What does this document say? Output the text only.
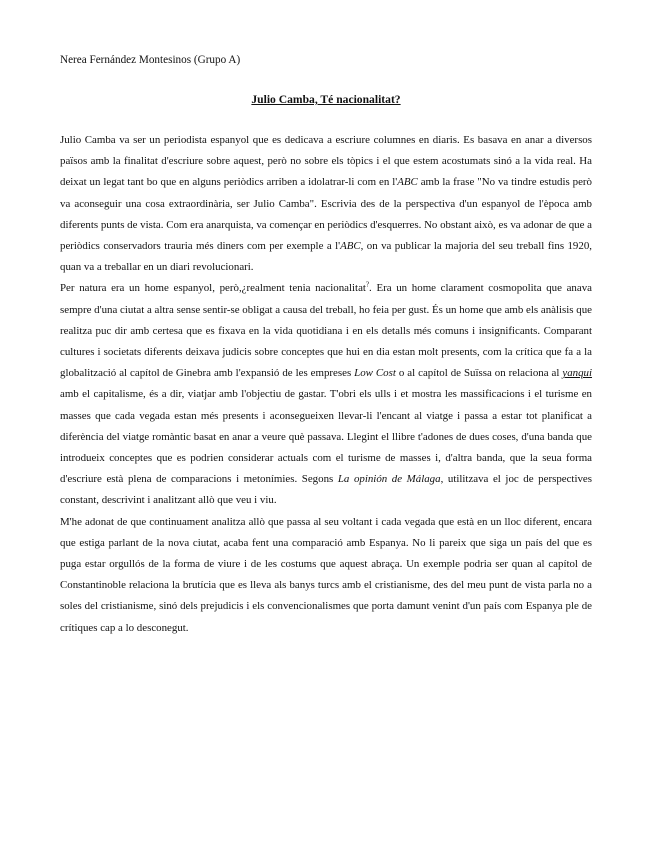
Nerea Fernández Montesinos (Grupo A)

Julio Camba, Té nacionalitat?

Julio Camba va ser un periodista espanyol que es dedicava a escriure columnes en diaris. Es basava en anar a diversos països amb la finalitat d'escriure sobre aquest, però no sobre els tòpics i el que estem acostumats sinó a la vida real. Ha deixat un legat tant bo que en alguns periòdics arriben a idolatrar-li com en l'ABC amb la frase "No va tindre estudis però va aconseguir una cosa extraordinària, ser Julio Camba". Escrivia des de la perspectiva d'un espanyol de l'època amb diferents punts de vista. Com era anarquista, va començar en periòdics d'esquerres. No obstant això, es va adonar de que a periòdics conservadors trauria més diners com per exemple a l'ABC, on va publicar la majoria del seu treball fins 1920, quan va a treballar en un diari revolucionari.

Per natura era un home espanyol, però,¿realment tenia nacionalitat?. Era un home clarament cosmopolita que anava sempre d'una ciutat a altra sense sentir-se obligat a causa del treball, ho feia per gust. És un home que amb els anàlisis que realitza puc dir amb certesa que es fixava en la vida quotidiana i en els detalls més comuns i insignificants. Comparant cultures i societats diferents deixava judicis sobre conceptes que hui en dia estan molt presents, com la crítica que fa a la globalització al capítol de Ginebra amb l'expansió de les empreses Low Cost o al capítol de Suïssa on relaciona al yanqui amb el capitalisme, és a dir, viatjar amb l'objectiu de gastar. T'obri els ulls i et mostra les massificacions i el turisme en masses que cada vegada estan més presents i aconsegueixen llevar-li l'encant al viatge i passa a estar tot planificat a diferència del viatge romàntic basat en anar a veure què passava. Llegint el llibre t'adones de dues coses, d'una banda que introdueix conceptes que es podrien considerar actuals com el turisme de masses i, d'altra banda, que la seua forma d'escriure està plena de comparacions i metonímies. Segons La opinión de Málaga, utilitzava el joc de perspectives constant, descrivint i analitzant allò que veu i viu.

M'he adonat de que continuament analitza allò que passa al seu voltant i cada vegada que està en un lloc diferent, encara que estiga parlant de la nova ciutat, acaba fent una comparació amb Espanya. No li pareix que siga un país del que es puga estar orgullós de la forma de viure i de les costums que aquest abraça. Un exemple podria ser quan al capítol de Constantinoble relaciona la brutícia que es lleva als banys turcs amb el cristianisme, des del meu punt de vista parla no a soles del cristianisme, sinó dels prejudicis i els convencionalismes que porta damunt venint d'un país com Espanya ple de crítiques cap a lo desconegut.
